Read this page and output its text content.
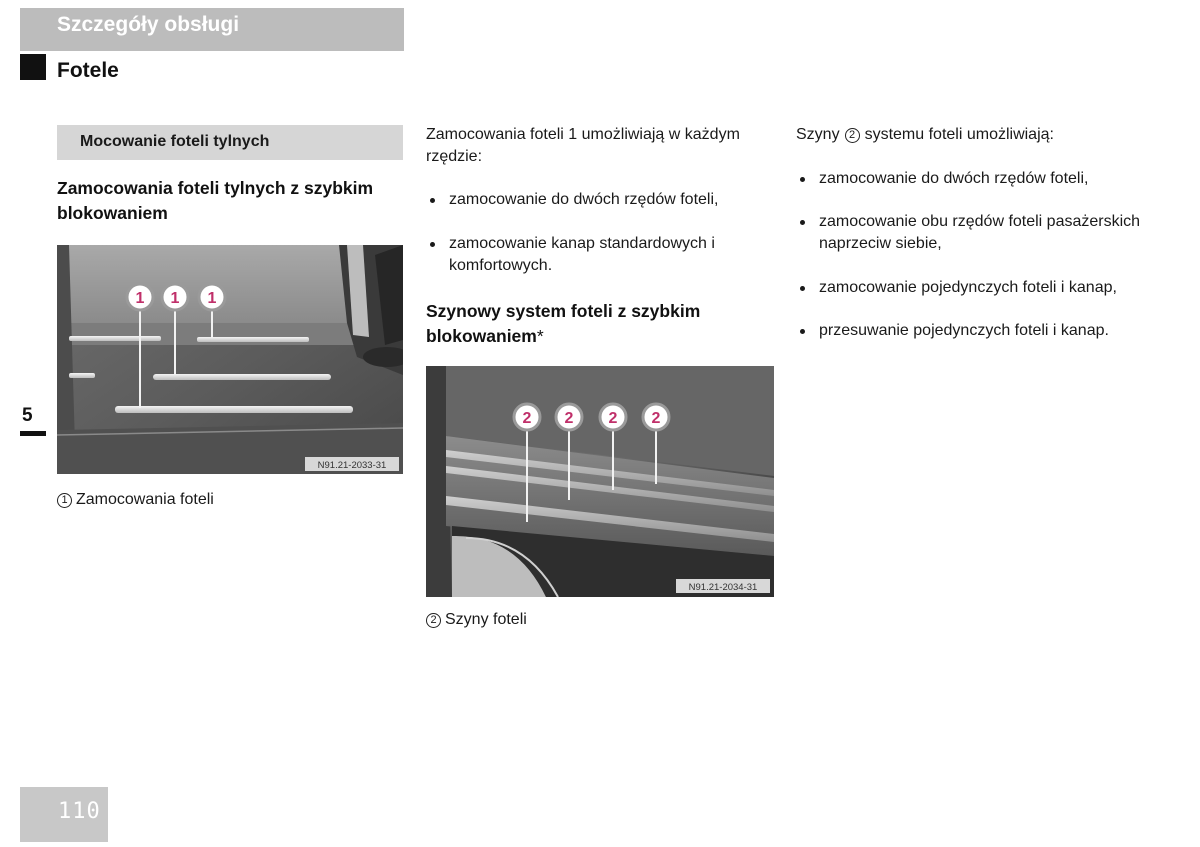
Szczegóły obsługi
Fotele
5
Mocowanie foteli tylnych
Zamocowania foteli tylnych z szybkim blokowaniem
1 1 1
N91.21-2033-31
1 Zamocowania foteli
Zamocowania foteli 1 umożliwiają w każdym rzędzie:
zamocowanie do dwóch rzędów foteli,
zamocowanie kanap standardowych i komfortowych.
Szynowy system foteli z szybkim blokowaniem*
2 2 2 2
N91.21-2034-31
2 Szyny foteli
Szyny 2 systemu foteli umożliwiają:
zamocowanie do dwóch rzędów foteli,
zamocowanie obu rzędów foteli pasażerskich naprzeciw siebie,
zamocowanie pojedynczych foteli i kanap,
przesuwanie pojedynczych foteli i kanap.
110
